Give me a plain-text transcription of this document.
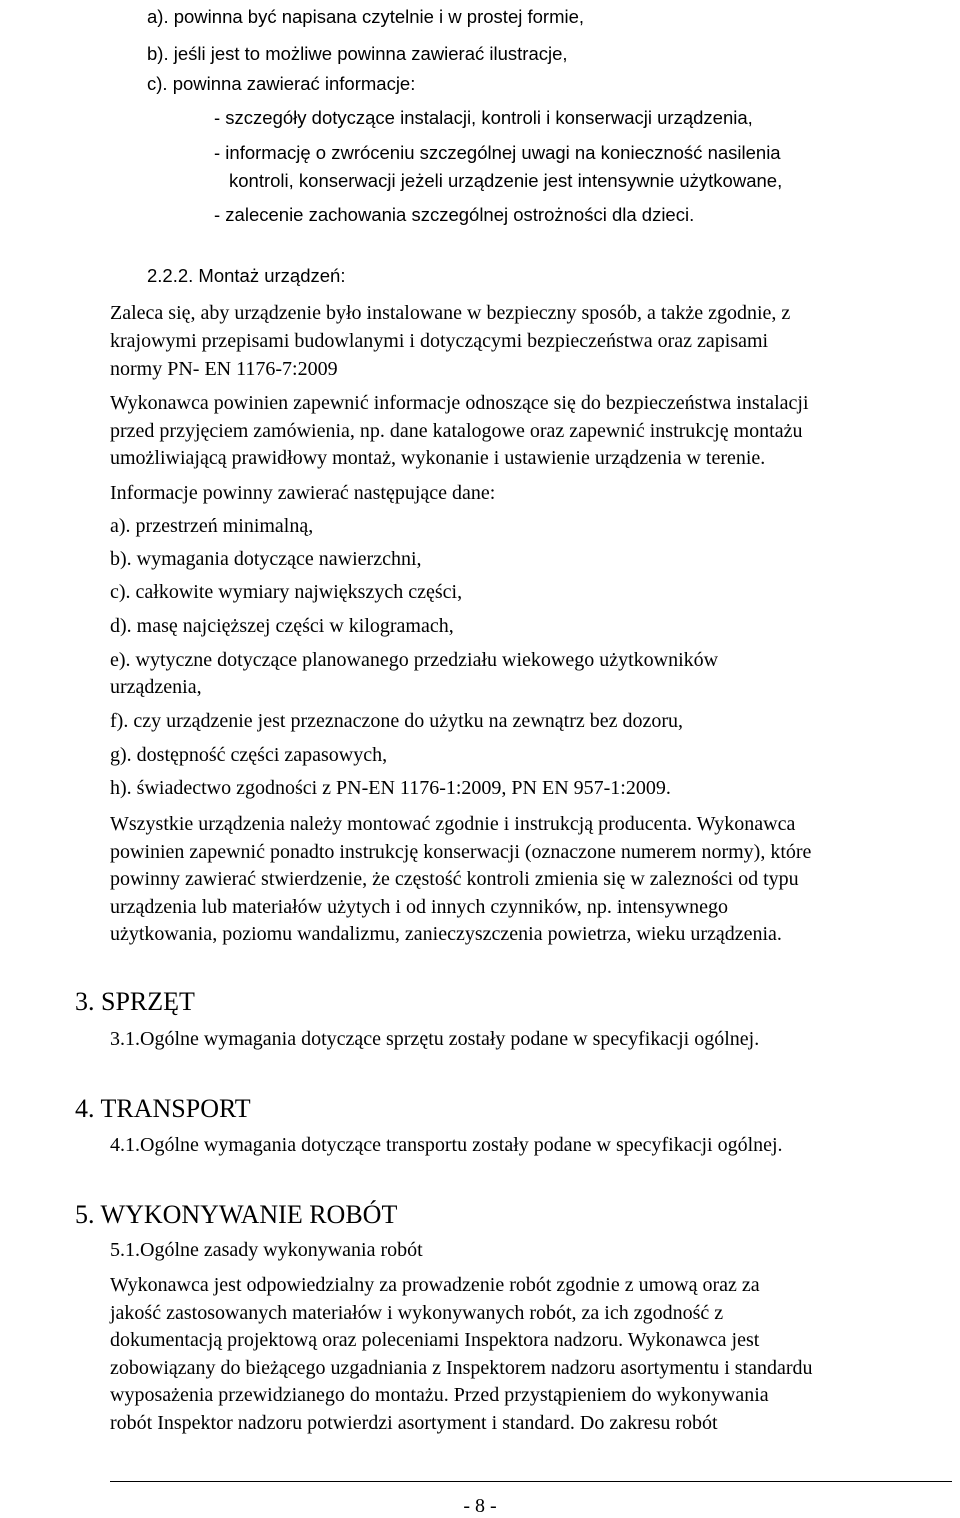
a). powinna być napisana czytelnie i w prostej formie,
b). jeśli jest to możliwe powinna zawierać ilustracje,
c). powinna zawierać informacje:
- szczegóły dotyczące instalacji, kontroli i konserwacji urządzenia,
- informację o zwróceniu szczególnej uwagi na konieczność nasilenia
kontroli, konserwacji jeżeli urządzenie jest intensywnie użytkowane,
- zalecenie zachowania szczególnej ostrożności dla dzieci.
2.2.2. Montaż urządzeń:
Zaleca się, aby urządzenie było instalowane w bezpieczny sposób, a także zgodnie, z
krajowymi przepisami budowlanymi i dotyczącymi bezpieczeństwa oraz zapisami
normy PN- EN 1176-7:2009
Wykonawca powinien zapewnić informacje odnoszące się do bezpieczeństwa instalacji
przed przyjęciem zamówienia, np. dane katalogowe oraz zapewnić instrukcję montażu
umożliwiającą prawidłowy montaż, wykonanie i ustawienie urządzenia w terenie.
Informacje powinny zawierać następujące dane:
a). przestrzeń minimalną,
b). wymagania dotyczące nawierzchni,
c). całkowite wymiary największych części,
d). masę najcięższej części w kilogramach,
e). wytyczne dotyczące planowanego przedziału wiekowego użytkowników
urządzenia,
f). czy urządzenie jest przeznaczone do użytku na zewnątrz bez dozoru,
g). dostępność części zapasowych,
h). świadectwo zgodności z PN-EN 1176-1:2009, PN EN 957-1:2009.
Wszystkie urządzenia należy montować zgodnie i instrukcją producenta. Wykonawca
powinien zapewnić ponadto instrukcję konserwacji (oznaczone numerem normy), które
powinny zawierać stwierdzenie, że częstość kontroli zmienia się w zalezności od typu
urządzenia lub materiałów użytych i od innych czynników, np. intensywnego
użytkowania, poziomu wandalizmu, zanieczyszczenia powietrza, wieku urządzenia.
3. SPRZĘT
3.1.Ogólne wymagania dotyczące sprzętu zostały podane w specyfikacji ogólnej.
4. TRANSPORT
4.1.Ogólne wymagania dotyczące transportu zostały podane w specyfikacji ogólnej.
5. WYKONYWANIE ROBÓT
5.1.Ogólne zasady wykonywania robót
Wykonawca jest odpowiedzialny za prowadzenie robót zgodnie z umową oraz za
jakość zastosowanych materiałów i wykonywanych robót, za ich zgodność z
dokumentacją projektową oraz poleceniami Inspektora nadzoru. Wykonawca jest
zobowiązany do bieżącego uzgadniania z Inspektorem nadzoru asortymentu i standardu
wyposażenia przewidzianego do montażu. Przed przystąpieniem do wykonywania
robót Inspektor nadzoru potwierdzi asortyment i standard. Do zakresu robót
- 8 -
